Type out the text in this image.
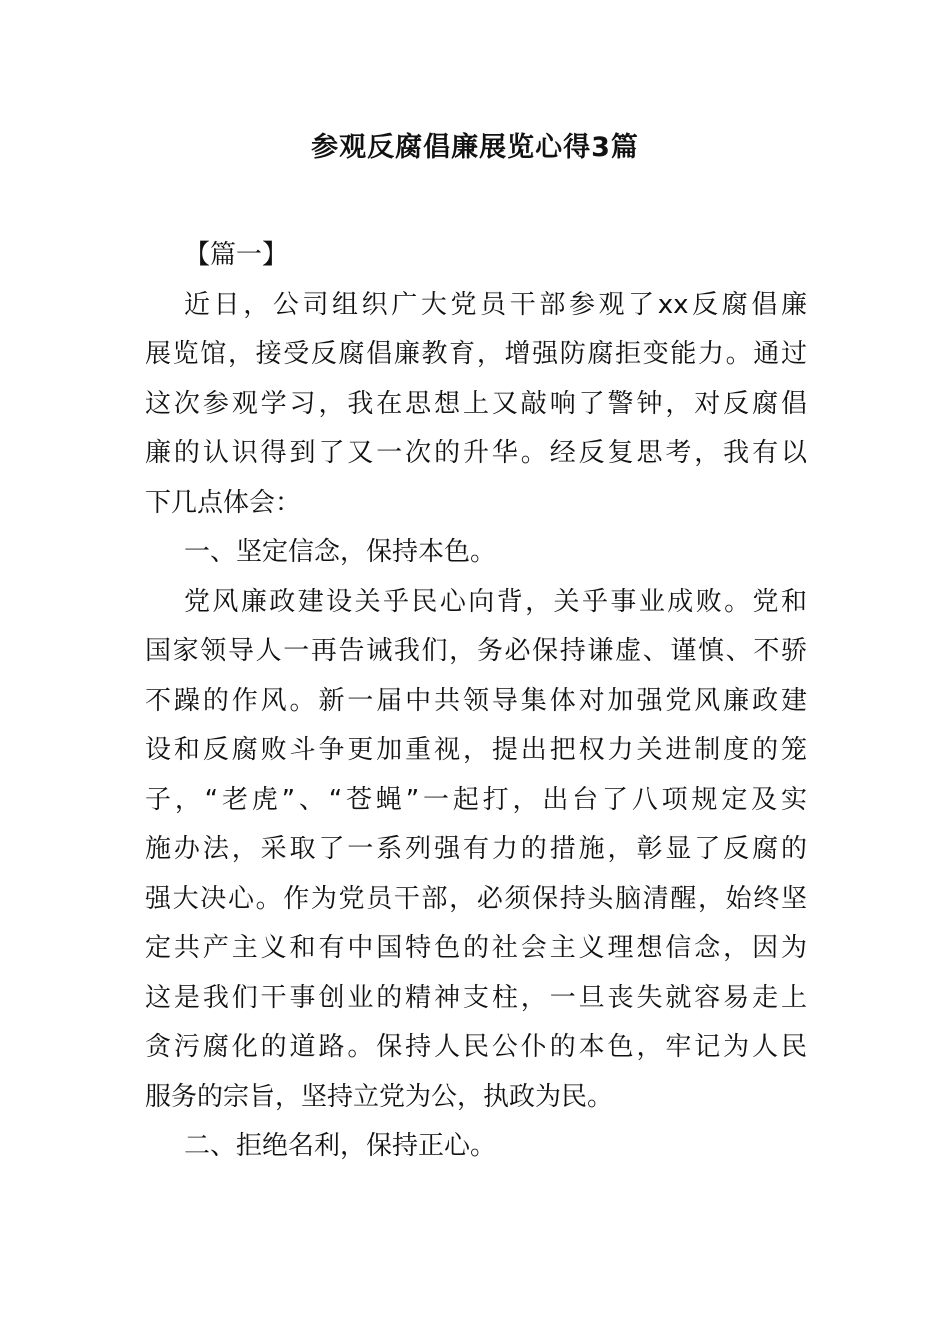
参观反腐倡廉展览心得3篇
【篇一】
近日，公司组织广大党员干部参观了xx反腐倡廉
展览馆，接受反腐倡廉教育，增强防腐拒变能力。通过
这次参观学习，我在思想上又敲响了警钟，对反腐倡
廉的认识得到了又一次的升华。经反复思考，我有以
下几点体会：
一、坚定信念，保持本色。
党风廉政建设关乎民心向背，关乎事业成败。党和
国家领导人一再告诫我们，务必保持谦虚、谨慎、不骄
不躁的作风。新一届中共领导集体对加强党风廉政建
设和反腐败斗争更加重视，提出把权力关进制度的笼
子，“老虎”、“苍蝇”一起打，出台了八项规定及实
施办法，采取了一系列强有力的措施，彰显了反腐的
强大决心。作为党员干部，必须保持头脑清醒，始终坚
定共产主义和有中国特色的社会主义理想信念，因为
这是我们干事创业的精神支柱，一旦丧失就容易走上
贪污腐化的道路。保持人民公仆的本色，牢记为人民
服务的宗旨，坚持立党为公，执政为民。
二、拒绝名利，保持正心。
